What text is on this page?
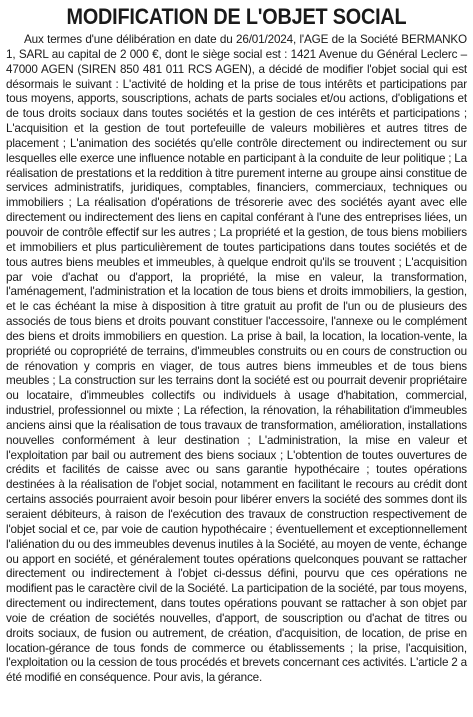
MODIFICATION DE L'OBJET SOCIAL

Aux termes d'une délibération en date du 26/01/2024, l'AGE de la Société BERMANKO 1, SARL au capital de 2 000 €, dont le siège social est : 1421 Avenue du Général Leclerc – 47000 AGEN (SIREN 850 481 011 RCS AGEN), a décidé de modifier l'objet social qui est désormais le suivant : L'activité de holding et la prise de tous intérêts et participations par tous moyens, apports, souscriptions, achats de parts sociales et/ou actions, d'obligations et de tous droits sociaux dans toutes sociétés et la gestion de ces intérêts et participations ; L'acquisition et la gestion de tout portefeuille de valeurs mobilières et autres titres de placement ; L'animation des sociétés qu'elle contrôle directement ou indirectement ou sur lesquelles elle exerce une influence notable en participant à la conduite de leur politique ; La réalisation de prestations et la reddition à titre purement interne au groupe ainsi constitue de services administratifs, juridiques, comptables, financiers, commerciaux, techniques ou immobiliers ; La réalisation d'opérations de trésorerie avec des sociétés ayant avec elle directement ou indirectement des liens en capital conférant à l'une des entreprises liées, un pouvoir de contrôle effectif sur les autres ; La propriété et la gestion, de tous biens mobiliers et immobiliers et plus particulièrement de toutes participations dans toutes sociétés et de tous autres biens meubles et immeubles, à quelque endroit qu'ils se trouvent ; L'acquisition par voie d'achat ou d'apport, la propriété, la mise en valeur, la transformation, l'aménagement, l'administration et la location de tous biens et droits immobiliers, la gestion, et le cas échéant la mise à disposition à titre gratuit au profit de l'un ou de plusieurs des associés de tous biens et droits pouvant constituer l'accessoire, l'annexe ou le complément des biens et droits immobiliers en question. La prise à bail, la location, la location-vente, la propriété ou copropriété de terrains, d'immeubles construits ou en cours de construction ou de rénovation y compris en viager, de tous autres biens immeubles et de tous biens meubles ; La construction sur les terrains dont la société est ou pourrait devenir propriétaire ou locataire, d'immeubles collectifs ou individuels à usage d'habitation, commercial, industriel, professionnel ou mixte ; La réfection, la rénovation, la réhabilitation d'immeubles anciens ainsi que la réalisation de tous travaux de transformation, amélioration, installations nouvelles conformément à leur destination ; L'administration, la mise en valeur et l'exploitation par bail ou autrement des biens sociaux ; L'obtention de toutes ouvertures de crédits et facilités de caisse avec ou sans garantie hypothécaire ; toutes opérations destinées à la réalisation de l'objet social, notamment en facilitant le recours au crédit dont certains associés pourraient avoir besoin pour libérer envers la société des sommes dont ils seraient débiteurs, à raison de l'exécution des travaux de construction respectivement de l'objet social et ce, par voie de caution hypothécaire ; éventuellement et exceptionnellement l'aliénation du ou des immeubles devenus inutiles à la Société, au moyen de vente, échange ou apport en société, et généralement toutes opérations quelconques pouvant se rattacher directement ou indirectement à l'objet ci-dessus défini, pourvu que ces opérations ne modifient pas le caractère civil de la Société. La participation de la société, par tous moyens, directement ou indirectement, dans toutes opérations pouvant se rattacher à son objet par voie de création de sociétés nouvelles, d'apport, de souscription ou d'achat de titres ou droits sociaux, de fusion ou autrement, de création, d'acquisition, de location, de prise en location-gérance de tous fonds de commerce ou établissements ; la prise, l'acquisition, l'exploitation ou la cession de tous procédés et brevets concernant ces activités. L'article 2 a été modifié en conséquence. Pour avis, la gérance.
